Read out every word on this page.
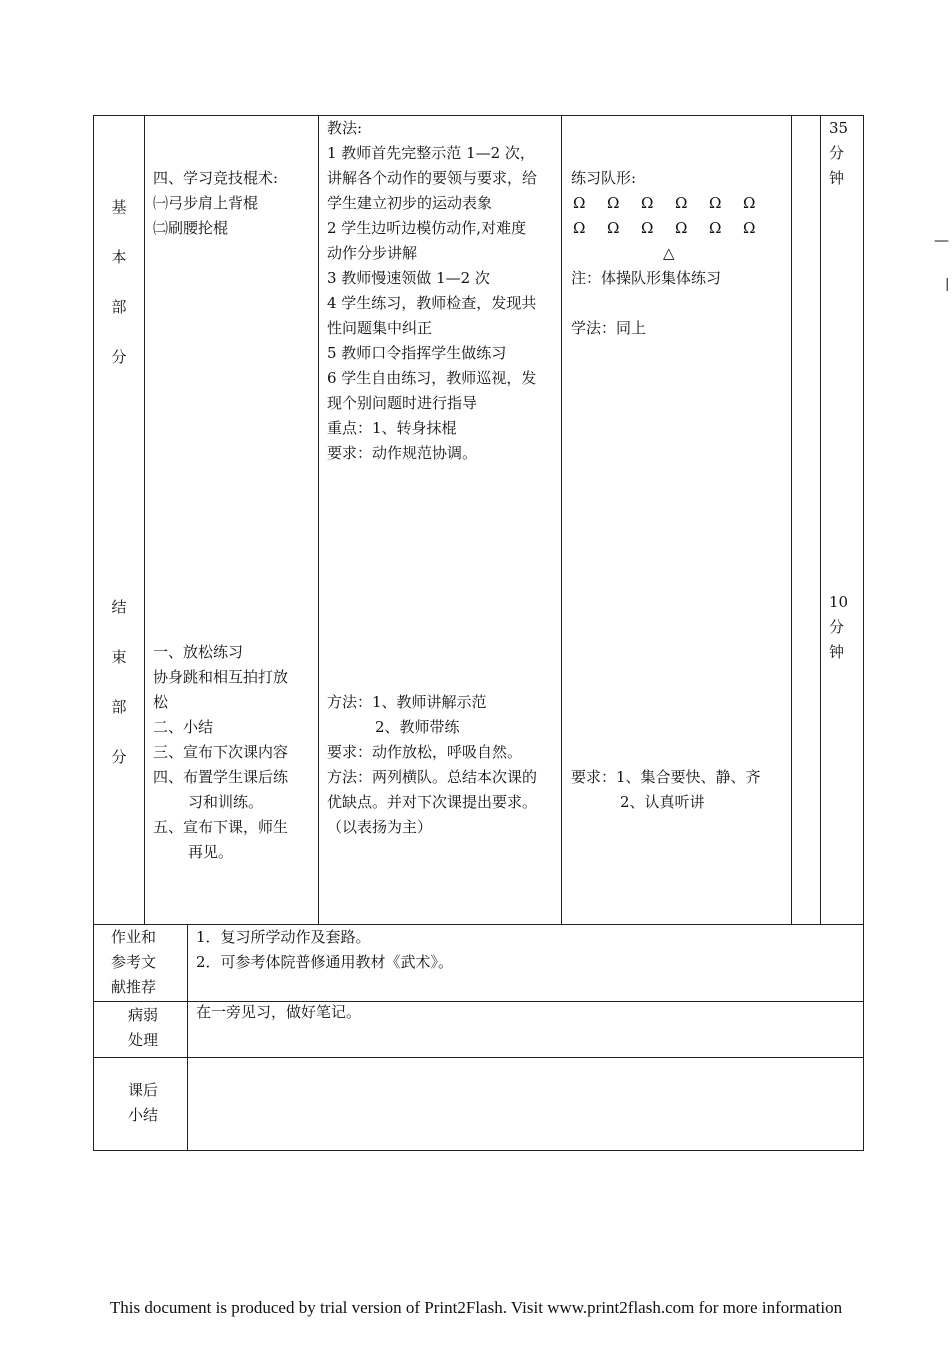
基
本
部
分
结
束
部
分
四、学习竞技棍术:
㈠弓步肩上背棍
㈡刷腰抡棍
一、放松练习
协身跳和相互拍打放
松
二、小结
三、宣布下次课内容
四、布置学生课后练
习和训练。
五、宣布下课，师生
再见。
教法:
1 教师首先完整示范 1—2 次，
讲解各个动作的要领与要求，给
学生建立初步的运动表象
2 学生边听边模仿动作,对难度
动作分步讲解
3 教师慢速领做 1—2 次
4 学生练习，教师检查，发现共
性问题集中纠正
5 教师口令指挥学生做练习
6 学生自由练习，教师巡视，发
现个别问题时进行指导
重点：1、转身抹棍
要求：动作规范协调。
方法：1、教师讲解示范
2、教师带练
要求：动作放松，呼吸自然。
方法：两列横队。总结本次课的
优缺点。并对下次课提出要求。
（以表扬为主）
练习队形:
Ω Ω Ω Ω Ω Ω
Ω Ω Ω Ω Ω Ω
△
注：体操队形集体练习
学法：同上
要求：1、集合要快、静、齐
2、认真听讲
35
分
钟
10
分
钟
作业和
参考文
献推荐
1．复习所学动作及套路。
2．可参考体院普修通用教材《武术》。
病弱
处理
在一旁见习，做好笔记。
课后
小结
—
|
This document is produced by trial version of Print2Flash. Visit www.print2flash.com for more information
